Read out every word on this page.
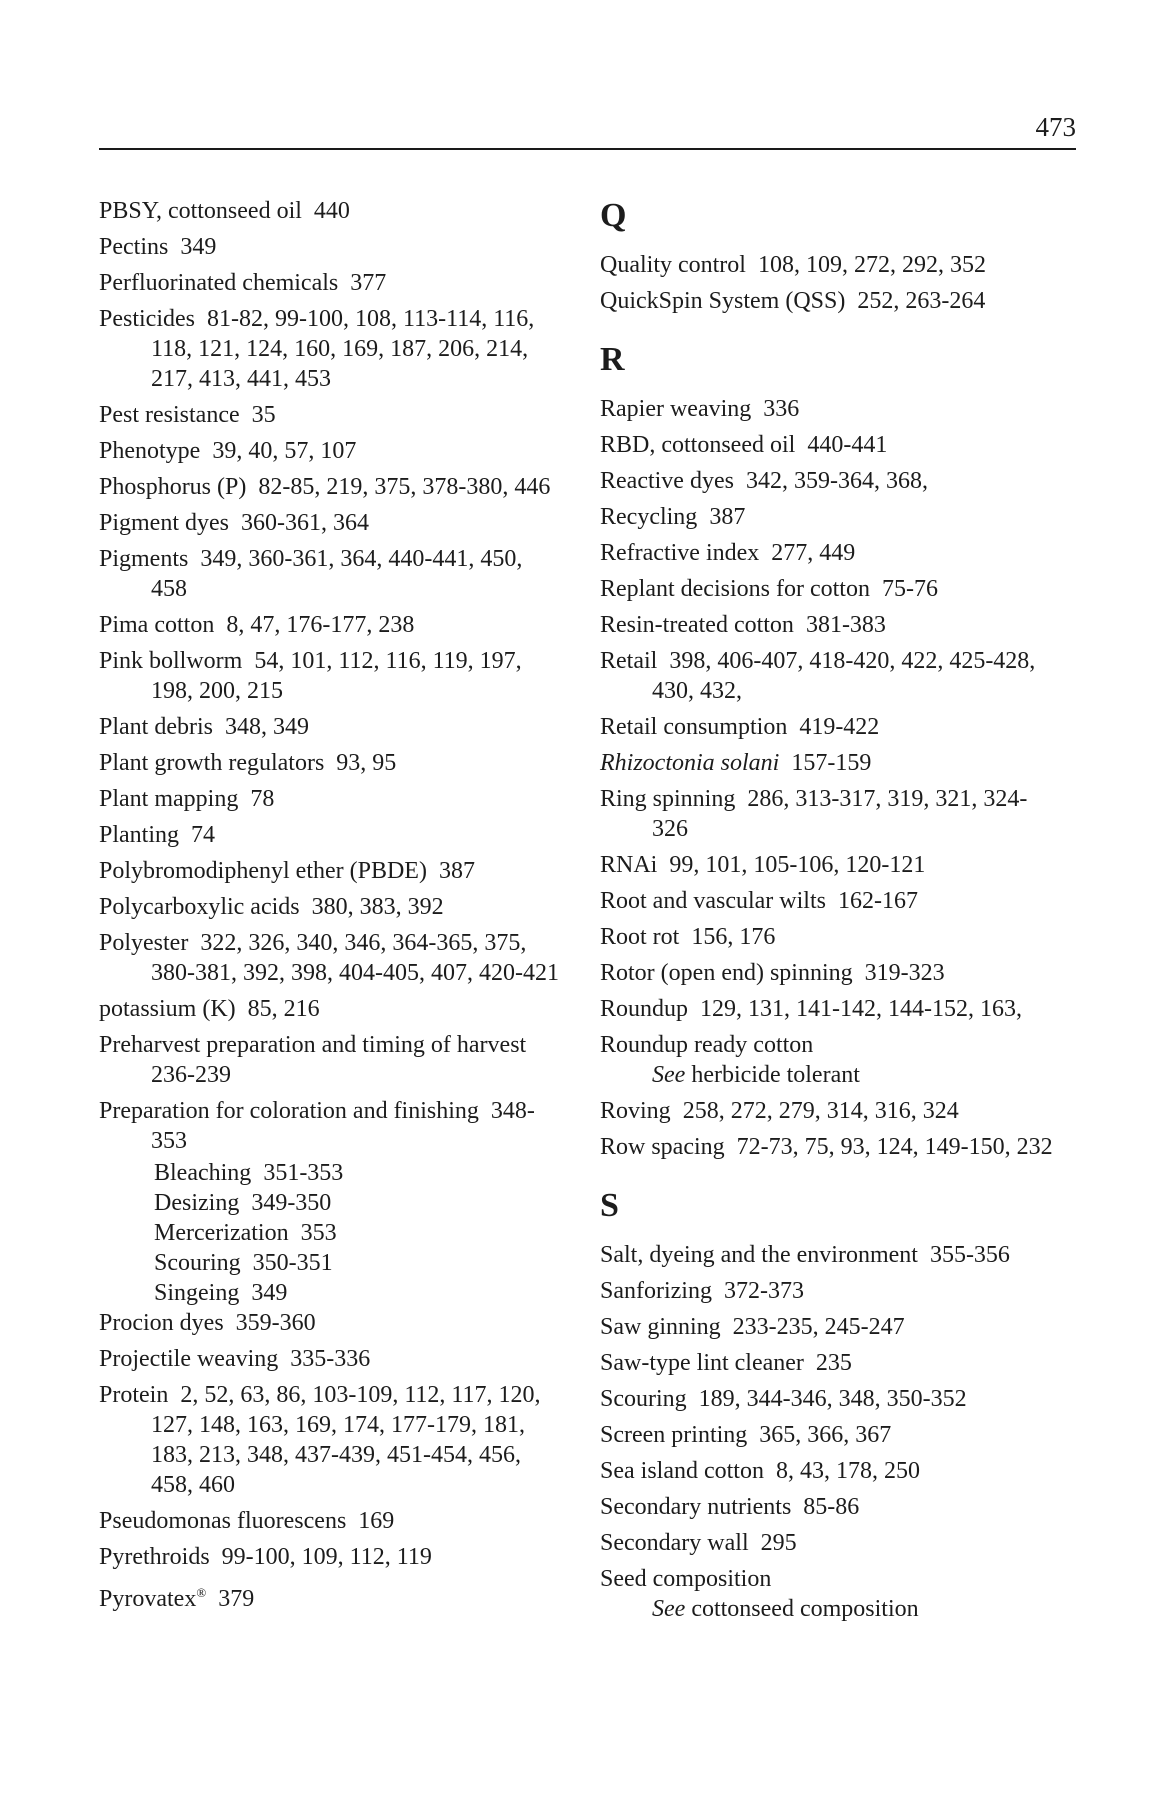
473
PBSY, cottonseed oil 440
Pectins 349
Perfluorinated chemicals 377
Pesticides 81-82, 99-100, 108, 113-114, 116,
118, 121, 124, 160, 169, 187, 206, 214,
217, 413, 441, 453
Pest resistance 35
Phenotype 39, 40, 57, 107
Phosphorus (P) 82-85, 219, 375, 378-380, 446
Pigment dyes 360-361, 364
Pigments 349, 360-361, 364, 440-441, 450,
458
Pima cotton 8, 47, 176-177, 238
Pink bollworm 54, 101, 112, 116, 119, 197,
198, 200, 215
Plant debris 348, 349
Plant growth regulators 93, 95
Plant mapping 78
Planting 74
Polybromodiphenyl ether (PBDE) 387
Polycarboxylic acids 380, 383, 392
Polyester 322, 326, 340, 346, 364-365, 375,
380-381, 392, 398, 404-405, 407, 420-421
potassium (K) 85, 216
Preharvest preparation and timing of harvest
236-239
Preparation for coloration and finishing 348-
353
Bleaching 351-353
Desizing 349-350
Mercerization 353
Scouring 350-351
Singeing 349
Procion dyes 359-360
Projectile weaving 335-336
Protein 2, 52, 63, 86, 103-109, 112, 117, 120,
127, 148, 163, 169, 174, 177-179, 181,
183, 213, 348, 437-439, 451-454, 456,
458, 460
Pseudomonas fluorescens 169
Pyrethroids 99-100, 109, 112, 119
Pyrovatex® 379
Q
Quality control 108, 109, 272, 292, 352
QuickSpin System (QSS) 252, 263-264
R
Rapier weaving 336
RBD, cottonseed oil 440-441
Reactive dyes 342, 359-364, 368,
Recycling 387
Refractive index 277, 449
Replant decisions for cotton 75-76
Resin-treated cotton 381-383
Retail 398, 406-407, 418-420, 422, 425-428,
430, 432,
Retail consumption 419-422
Rhizoctonia solani 157-159
Ring spinning 286, 313-317, 319, 321, 324-
326
RNAi 99, 101, 105-106, 120-121
Root and vascular wilts 162-167
Root rot 156, 176
Rotor (open end) spinning 319-323
Roundup 129, 131, 141-142, 144-152, 163,
Roundup ready cotton
See herbicide tolerant
Roving 258, 272, 279, 314, 316, 324
Row spacing 72-73, 75, 93, 124, 149-150, 232
S
Salt, dyeing and the environment 355-356
Sanforizing 372-373
Saw ginning 233-235, 245-247
Saw-type lint cleaner 235
Scouring 189, 344-346, 348, 350-352
Screen printing 365, 366, 367
Sea island cotton 8, 43, 178, 250
Secondary nutrients 85-86
Secondary wall 295
Seed composition
See cottonseed composition
